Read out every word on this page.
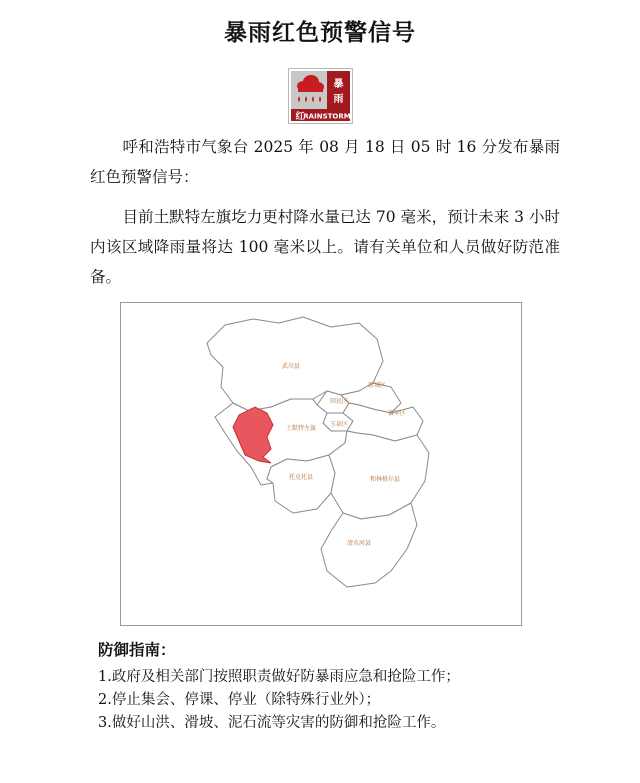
暴雨红色预警信号
暴
雨
红
RAINSTORM
呼和浩特市气象台 2025 年 08 月 18 日 05 时 16 分发布暴雨红色预警信号：
目前土默特左旗圪力更村降水量已达 70 毫米，预计未来 3 小时内该区域降雨量将达 100 毫米以上。请有关单位和人员做好防范准备。
武川县
新城区
回民区
赛罕区
玉泉区
土默特左旗
托克托县	和林格尔县
清水河县
防御指南：
1.政府及相关部门按照职责做好防暴雨应急和抢险工作；
2.停止集会、停课、停业（除特殊行业外）；
3.做好山洪、滑坡、泥石流等灾害的防御和抢险工作。
